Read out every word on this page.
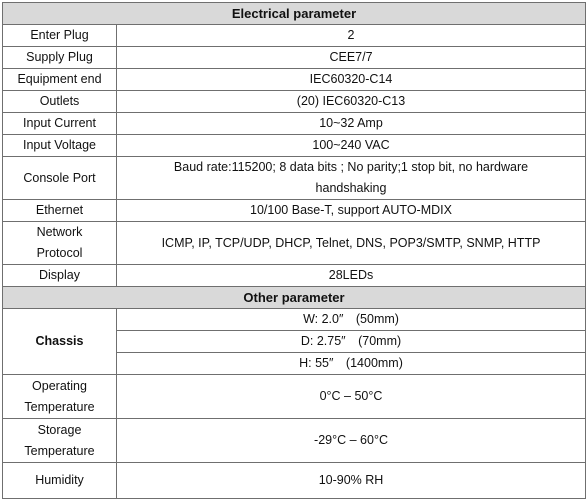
Electrical parameter	
Enter Plug	2
Supply Plug	CEE7/7
Equipment end	IEC60320-C14
Outlets	(20) IEC60320-C13
Input Current	10~32 Amp
Input Voltage	100~240 VAC
Console Port	Baud rate:115200; 8 data bits ; No parity;1 stop bit, no hardware
handshaking
Ethernet	10/100 Base-T, support AUTO-MDIX
Network
Protocol	ICMP, IP, TCP/UDP, DHCP, Telnet, DNS, POP3/SMTP, SNMP, HTTP
Display	28LEDs
Other parameter	
Chassis	W: 2.0″　(50mm)
	D: 2.75″　(70mm)
	H: 55″　(1400mm)
Operating
Temperature	0°C – 50°C
Storage
Temperature	-29°C – 60°C
Humidity	10-90% RH
